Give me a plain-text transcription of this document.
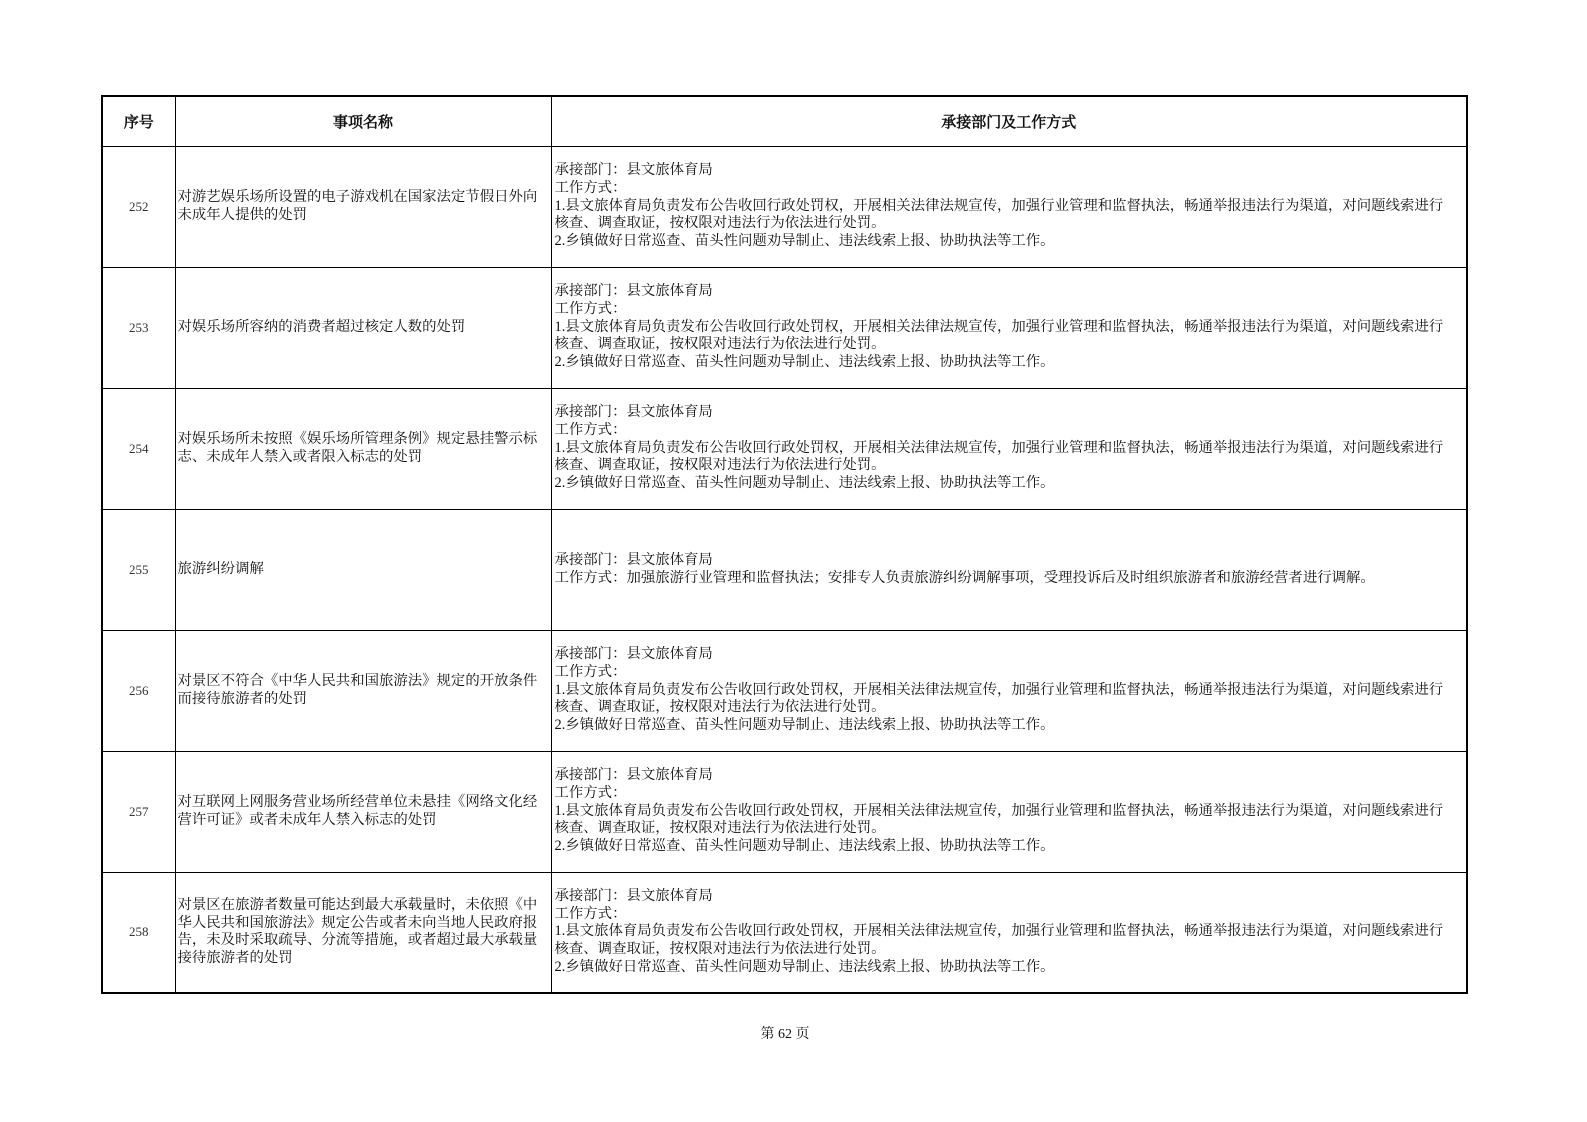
序号	事项名称	承接部门及工作方式
252	对游艺娱乐场所设置的电子游戏机在国家法定节假日外向
未成年人提供的处罚	承接部门：县文旅体育局
工作方式：
1.县文旅体育局负责发布公告收回行政处罚权，开展相关法律法规宣传，加强行业管理和监督执法，畅通举报违法行为渠道，对问题线索进行
核查、调查取证，按权限对违法行为依法进行处罚。
2.乡镇做好日常巡查、苗头性问题劝导制止、违法线索上报、协助执法等工作。

253	对娱乐场所容纳的消费者超过核定人数的处罚	承接部门：县文旅体育局
工作方式：
1.县文旅体育局负责发布公告收回行政处罚权，开展相关法律法规宣传，加强行业管理和监督执法，畅通举报违法行为渠道，对问题线索进行
核查、调查取证，按权限对违法行为依法进行处罚。
2.乡镇做好日常巡查、苗头性问题劝导制止、违法线索上报、协助执法等工作。

254	对娱乐场所未按照《娱乐场所管理条例》规定悬挂警示标
志、未成年人禁入或者限入标志的处罚	承接部门：县文旅体育局
工作方式：
1.县文旅体育局负责发布公告收回行政处罚权，开展相关法律法规宣传，加强行业管理和监督执法，畅通举报违法行为渠道，对问题线索进行
核查、调查取证，按权限对违法行为依法进行处罚。
2.乡镇做好日常巡查、苗头性问题劝导制止、违法线索上报、协助执法等工作。

255	旅游纠纷调解	承接部门：县文旅体育局
工作方式：加强旅游行业管理和监督执法；安排专人负责旅游纠纷调解事项，受理投诉后及时组织旅游者和旅游经营者进行调解。

256	对景区不符合《中华人民共和国旅游法》规定的开放条件
而接待旅游者的处罚	承接部门：县文旅体育局
工作方式：
1.县文旅体育局负责发布公告收回行政处罚权，开展相关法律法规宣传，加强行业管理和监督执法，畅通举报违法行为渠道，对问题线索进行
核查、调查取证，按权限对违法行为依法进行处罚。
2.乡镇做好日常巡查、苗头性问题劝导制止、违法线索上报、协助执法等工作。

257	对互联网上网服务营业场所经营单位未悬挂《网络文化经
营许可证》或者未成年人禁入标志的处罚	承接部门：县文旅体育局
工作方式：
1.县文旅体育局负责发布公告收回行政处罚权，开展相关法律法规宣传，加强行业管理和监督执法，畅通举报违法行为渠道，对问题线索进行
核查、调查取证，按权限对违法行为依法进行处罚。
2.乡镇做好日常巡查、苗头性问题劝导制止、违法线索上报、协助执法等工作。

258	对景区在旅游者数量可能达到最大承载量时，未依照《中
华人民共和国旅游法》规定公告或者未向当地人民政府报
告，未及时采取疏导、分流等措施，或者超过最大承载量
接待旅游者的处罚	承接部门：县文旅体育局
工作方式：
1.县文旅体育局负责发布公告收回行政处罚权，开展相关法律法规宣传，加强行业管理和监督执法，畅通举报违法行为渠道，对问题线索进行
核查、调查取证，按权限对违法行为依法进行处罚。
2.乡镇做好日常巡查、苗头性问题劝导制止、违法线索上报、协助执法等工作。
第 62 页
